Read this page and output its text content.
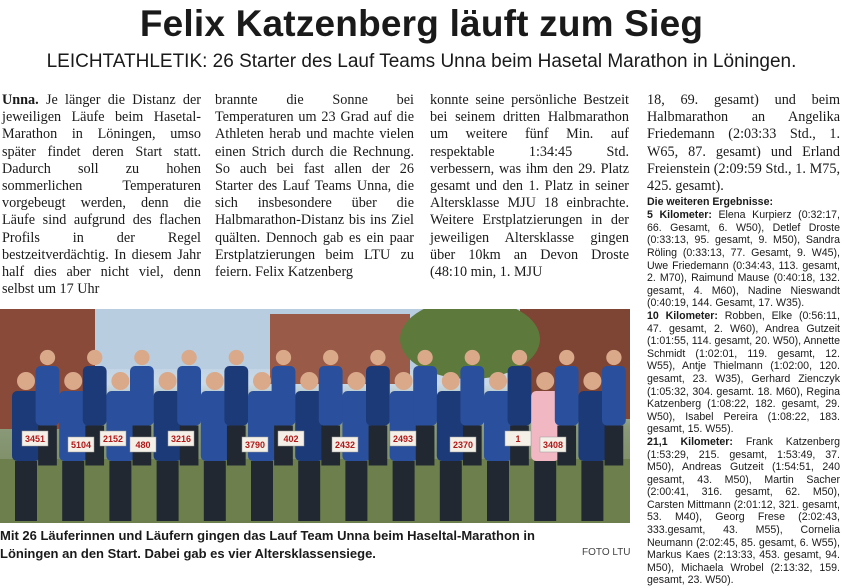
Felix Katzenberg läuft zum Sieg
LEICHTATHLETIK: 26 Starter des Lauf Teams Unna beim Hasetal Marathon in Löningen.
Unna. Je länger die Distanz der jeweiligen Läufe beim Hasetal-Marathon in Löningen, umso später findet deren Start statt. Dadurch soll zu hohen sommerlichen Temperaturen vorgebeugt werden, denn die Läufe sind aufgrund des flachen Profils in der Regel bestzeitverdächtig. In diesem Jahr half dies aber nicht viel, denn selbst um 17 Uhr
brannte die Sonne bei Temperaturen um 23 Grad auf die Athleten herab und machte vielen einen Strich durch die Rechnung. So auch bei fast allen der 26 Starter des Lauf Teams Unna, die sich insbesondere über die Halbmarathon-Distanz bis ins Ziel quälten. Dennoch gab es ein paar Erstplatzierungen beim LTU zu feiern. Felix Katzenberg
konnte seine persönliche Bestzeit bei seinem dritten Halbmarathon um weitere fünf Min. auf respektable 1:34:45 Std. verbessern, was ihm den 29. Platz gesamt und den 1. Platz in seiner Altersklasse MJU 18 einbrachte. Weitere Erstplatzierungen in der jeweiligen Altersklasse gingen über 10km an Devon Droste (48:10 min, 1. MJU
18, 69. gesamt) und beim Halbmarathon an Angelika Friedemann (2:03:33 Std., 1. W65, 87. gesamt) und Erland Freienstein (2:09:59 Std., 1. M75, 425. gesamt).
Die weiteren Ergebnisse:
5 Kilometer: Elena Kurpierz (0:32:17, 66. Gesamt, 6. W50), Detlef Droste (0:33:13, 95. gesamt, 9. M50), Sandra Röling (0:33:13, 77. Gesamt, 9. W45), Uwe Friedemann (0:34:43, 113. gesamt, 2. M70), Raimund Mause (0:40:18, 132. gesamt, 4. M60), Nadine Nieswandt (0:40:19, 144. Gesamt, 17. W35).
10 Kilometer: Robben, Elke (0:56:11, 47. gesamt, 2. W60), Andrea Gutzeit (1:01:55, 114. gesamt, 20. W50), Annette Schmidt (1:02:01, 119. gesamt, 12. W55), Antje Thielmann (1:02:00, 120. gesamt, 23. W35), Gerhard Zienczyk (1:05:32, 304. gesamt. 18. M60), Regina Katzenberg (1:08:22, 182. gesamt, 29. W50), Isabel Pereira (1:08:22, 183. gesamt, 15. W55).
21,1 Kilometer: Frank Katzenberg (1:53:29, 215. gesamt, 1:53:49, 37. M50), Andreas Gutzeit (1:54:51, 240 gesamt, 43. M50), Martin Sacher (2:00:41, 316. gesamt, 62. M50), Carsten Mittmann (2:01:12, 321. gesamt, 53. M40), Georg Frese (2:02:43, 333.gesamt, 43. M55), Cornelia Neumann (2:02:45, 85. gesamt, 6. W55), Markus Kaes (2:13:33, 453. gesamt, 94. M50), Michaela Wrobel (2:13:32, 159. gesamt, 23. W50).
3451
5104
2152
480
3216
3790
402
2432
2493
2370
1
3408
Mit 26 Läuferinnen und Läufern gingen das Lauf Team Unna beim Haseltal-Marathon in Löningen an den Start. Dabei gab es vier Altersklassensiege.	FOTO LTU
